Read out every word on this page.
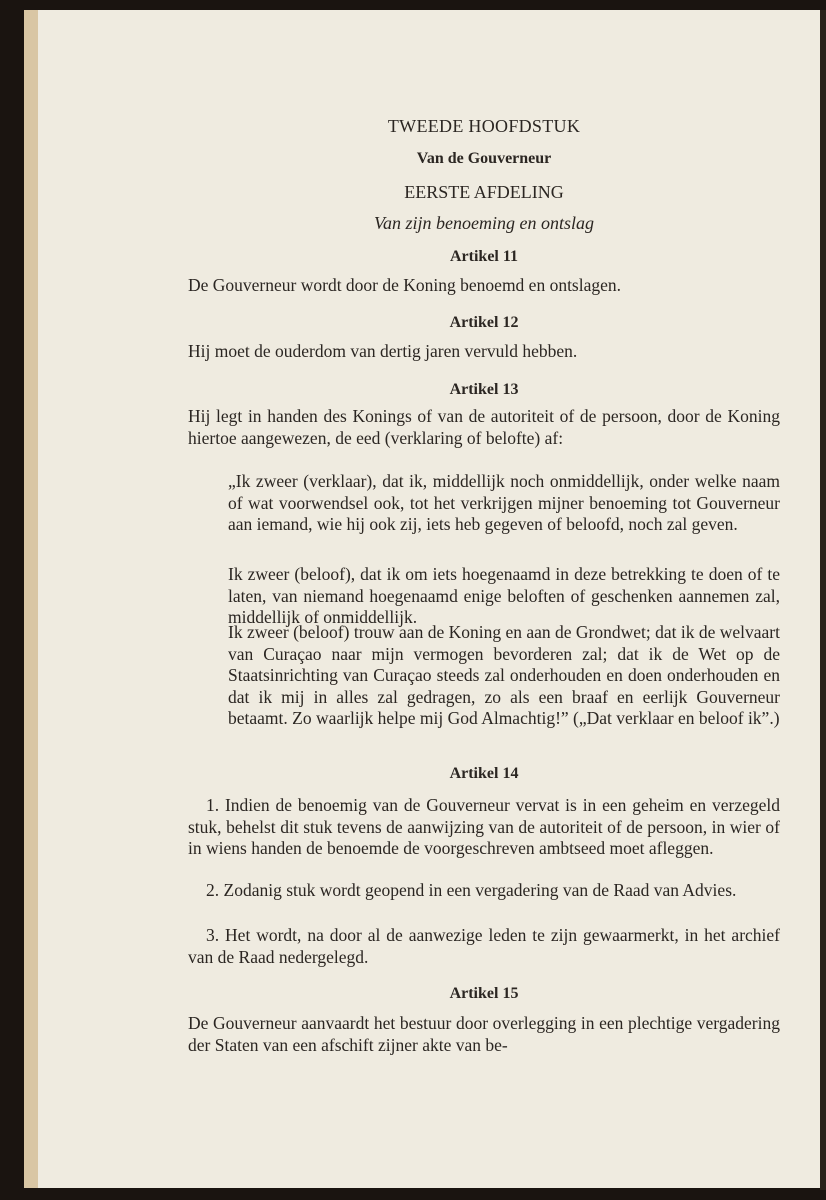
TWEEDE HOOFDSTUK
Van de Gouverneur
EERSTE AFDELING
Van zijn benoeming en ontslag
Artikel 11
De Gouverneur wordt door de Koning benoemd en ontslagen.
Artikel 12
Hij moet de ouderdom van dertig jaren vervuld hebben.
Artikel 13
Hij legt in handen des Konings of van de autoriteit of de persoon, door de Koning hiertoe aangewezen, de eed (verklaring of belofte) af:
„Ik zweer (verklaar), dat ik, middellijk noch onmiddellijk, onder welke naam of wat voorwendsel ook, tot het verkrijgen mijner benoeming tot Gouverneur aan iemand, wie hij ook zij, iets heb gegeven of beloofd, noch zal geven.
Ik zweer (beloof), dat ik om iets hoegenaamd in deze betrekking te doen of te laten, van niemand hoegenaamd enige beloften of geschenken aannemen zal, middellijk of onmiddellijk.
Ik zweer (beloof) trouw aan de Koning en aan de Grondwet; dat ik de welvaart van Curaçao naar mijn vermogen bevorderen zal; dat ik de Wet op de Staatsinrichting van Curaçao steeds zal onderhouden en doen onderhouden en dat ik mij in alles zal gedragen, zo als een braaf en eerlijk Gouverneur betaamt. Zo waarlijk helpe mij God Almachtig!” („Dat verklaar en beloof ik”.)
Artikel 14
1. Indien de benoemig van de Gouverneur vervat is in een geheim en verzegeld stuk, behelst dit stuk tevens de aanwijzing van de autoriteit of de persoon, in wier of in wiens handen de benoemde de voorgeschreven ambtseed moet afleggen.
2. Zodanig stuk wordt geopend in een vergadering van de Raad van Advies.
3. Het wordt, na door al de aanwezige leden te zijn gewaarmerkt, in het archief van de Raad nedergelegd.
Artikel 15
De Gouverneur aanvaardt het bestuur door overlegging in een plechtige vergadering der Staten van een afschift zijner akte van be-
